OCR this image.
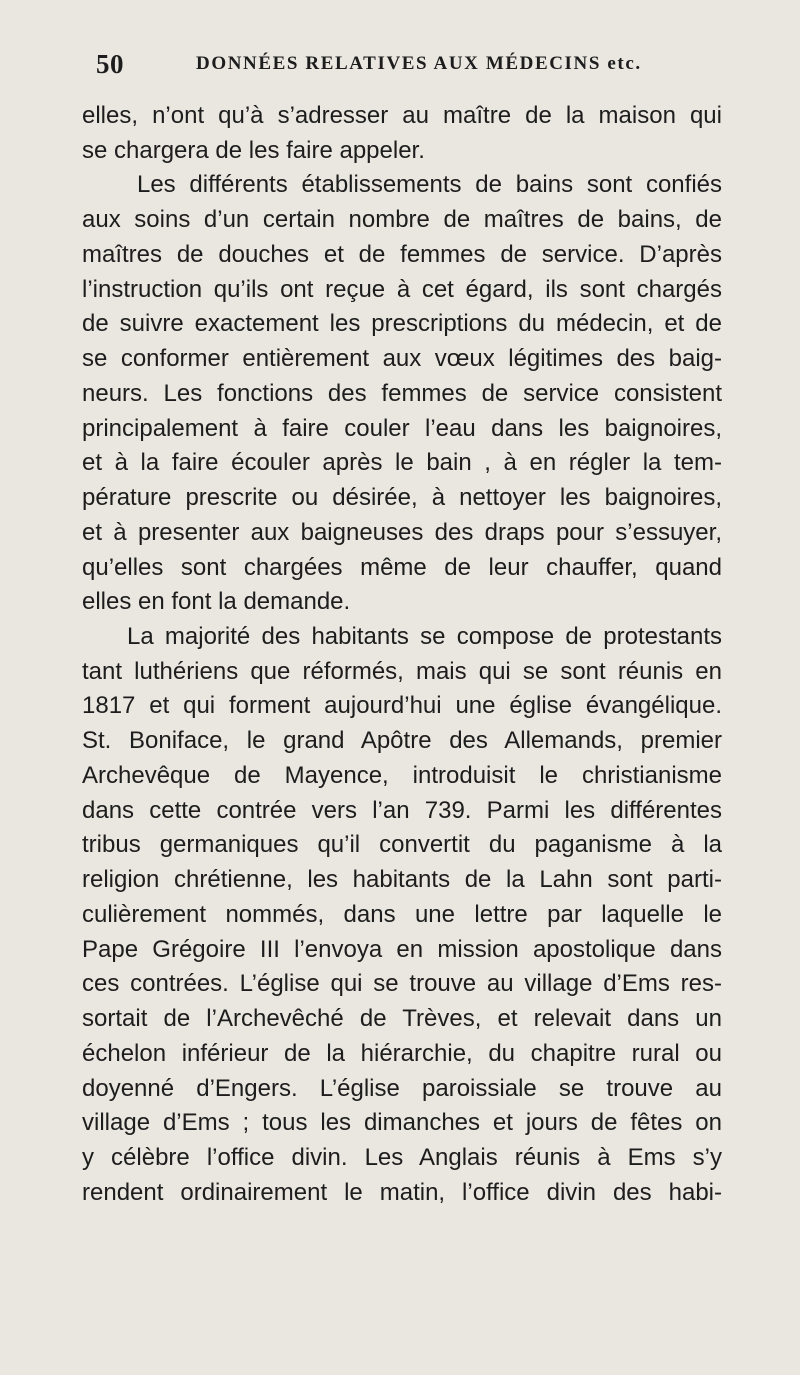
50	DONNÉES RELATIVES AUX MÉDECINS etc.
elles, n’ont qu’à s’adresser au maître de la maison qui
se chargera de les faire appeler.
Les différents établissements de bains sont confiés
aux soins d’un certain nombre de maîtres de bains, de
maîtres de douches et de femmes de service. D’après
l’instruction qu’ils ont reçue à cet égard, ils sont chargés
de suivre exactement les prescriptions du médecin, et de
se conformer entièrement aux vœux légitimes des baig-
neurs. Les fonctions des femmes de service consistent
principalement à faire couler l’eau dans les baignoires,
et à la faire écouler après le bain , à en régler la tem-
pérature prescrite ou désirée, à nettoyer les baignoires,
et à presenter aux baigneuses des draps pour s’essuyer,
qu’elles sont chargées même de leur chauffer, quand
elles en font la demande.
La majorité des habitants se compose de protestants
tant luthériens que réformés, mais qui se sont réunis en
1817 et qui forment aujourd’hui une église évangélique.
St. Boniface, le grand Apôtre des Allemands, premier
Archevêque de Mayence, introduisit le christianisme
dans cette contrée vers l’an 739. Parmi les différentes
tribus germaniques qu’il convertit du paganisme à la
religion chrétienne, les habitants de la Lahn sont parti-
culièrement nommés, dans une lettre par laquelle le
Pape Grégoire III l’envoya en mission apostolique dans
ces contrées. L’église qui se trouve au village d’Ems res-
sortait de l’Archevêché de Trèves, et relevait dans un
échelon inférieur de la hiérarchie, du chapitre rural ou
doyenné d’Engers. L’église paroissiale se trouve au
village d’Ems ; tous les dimanches et jours de fêtes on
y célèbre l’office divin. Les Anglais réunis à Ems s’y
rendent ordinairement le matin, l’office divin des habi-
